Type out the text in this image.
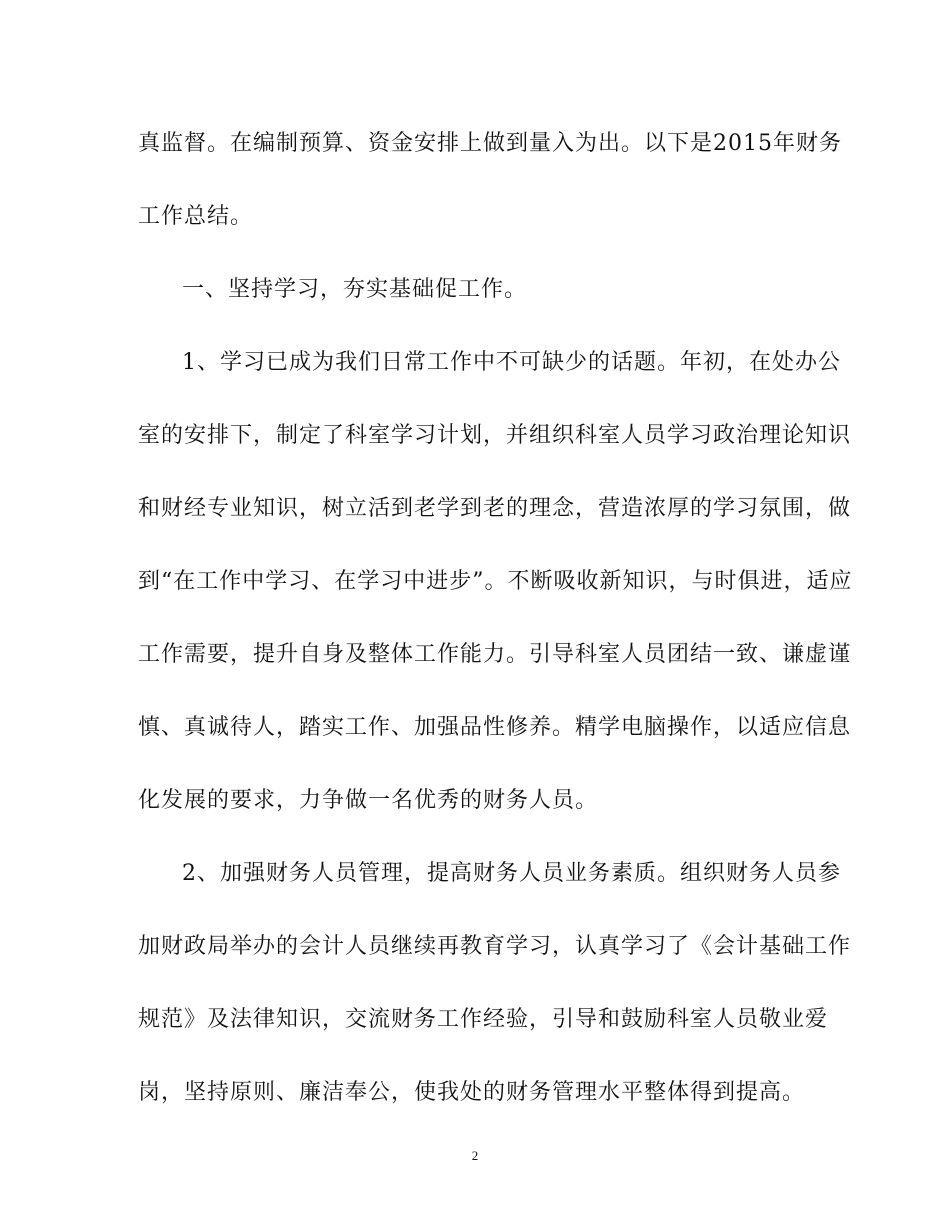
真监督。在编制预算、资金安排上做到量入为出。以下是2015年财务
工作总结。
一、坚持学习，夯实基础促工作。
1、学习已成为我们日常工作中不可缺少的话题。年初，在处办公
室的安排下，制定了科室学习计划，并组织科室人员学习政治理论知识
和财经专业知识，树立活到老学到老的理念，营造浓厚的学习氛围，做
到“在工作中学习、在学习中进步”。不断吸收新知识，与时俱进，适应
工作需要，提升自身及整体工作能力。引导科室人员团结一致、谦虚谨
慎、真诚待人，踏实工作、加强品性修养。精学电脑操作，以适应信息
化发展的要求，力争做一名优秀的财务人员。
2、加强财务人员管理，提高财务人员业务素质。组织财务人员参
加财政局举办的会计人员继续再教育学习，认真学习了《会计基础工作
规范》及法律知识，交流财务工作经验，引导和鼓励科室人员敬业爱
岗，坚持原则、廉洁奉公，使我处的财务管理水平整体得到提高。
2
